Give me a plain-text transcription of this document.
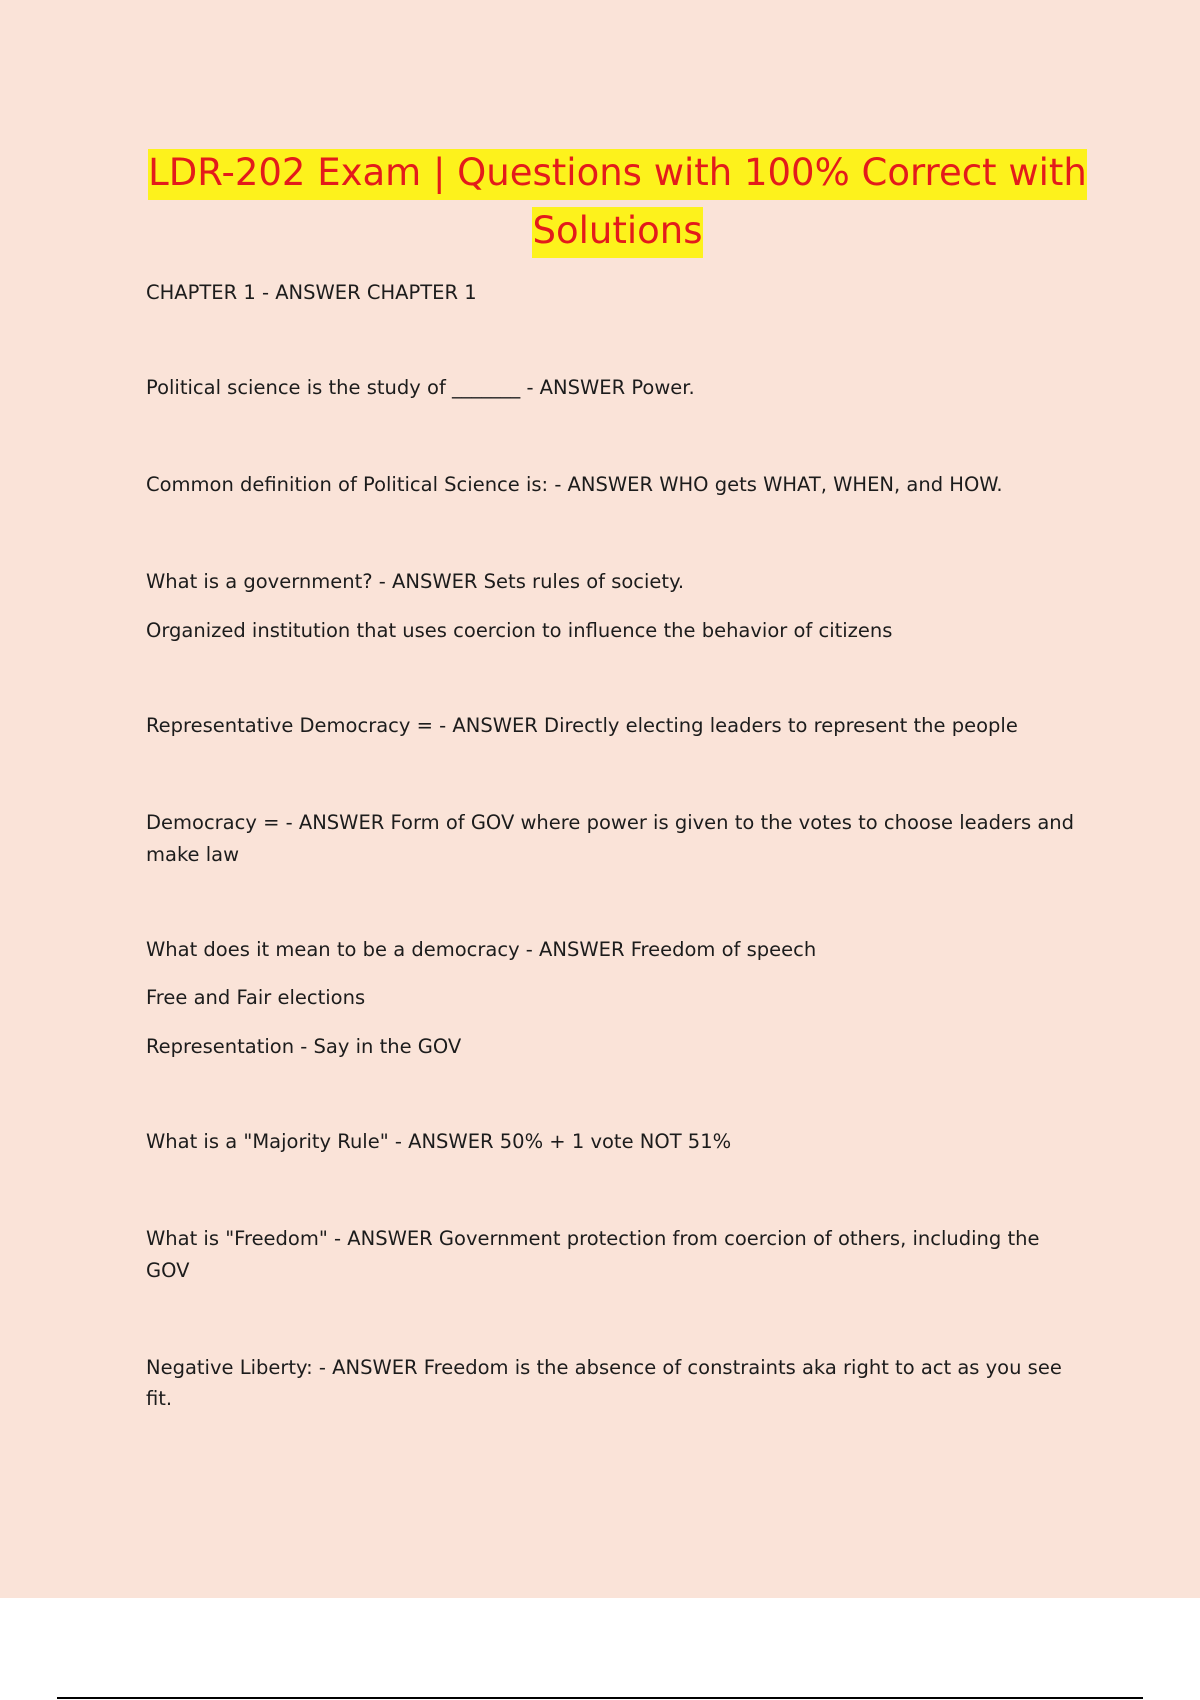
LDR-202 Exam | Questions with 100% Correct with
Solutions
CHAPTER 1 - ANSWER CHAPTER 1
Political science is the study of _______ - ANSWER Power.
Common definition of Political Science is: - ANSWER WHO gets WHAT, WHEN, and HOW.
What is a government? - ANSWER Sets rules of society.
Organized institution that uses coercion to influence the behavior of citizens
Representative Democracy = - ANSWER Directly electing leaders to represent the people
Democracy = - ANSWER Form of GOV where power is given to the votes to choose leaders and
make law
What does it mean to be a democracy - ANSWER Freedom of speech
Free and Fair elections
Representation - Say in the GOV
What is a "Majority Rule" - ANSWER 50% + 1 vote NOT 51%
What is "Freedom" - ANSWER Government protection from coercion of others, including the
GOV
Negative Liberty: - ANSWER Freedom is the absence of constraints aka right to act as you see
fit.
